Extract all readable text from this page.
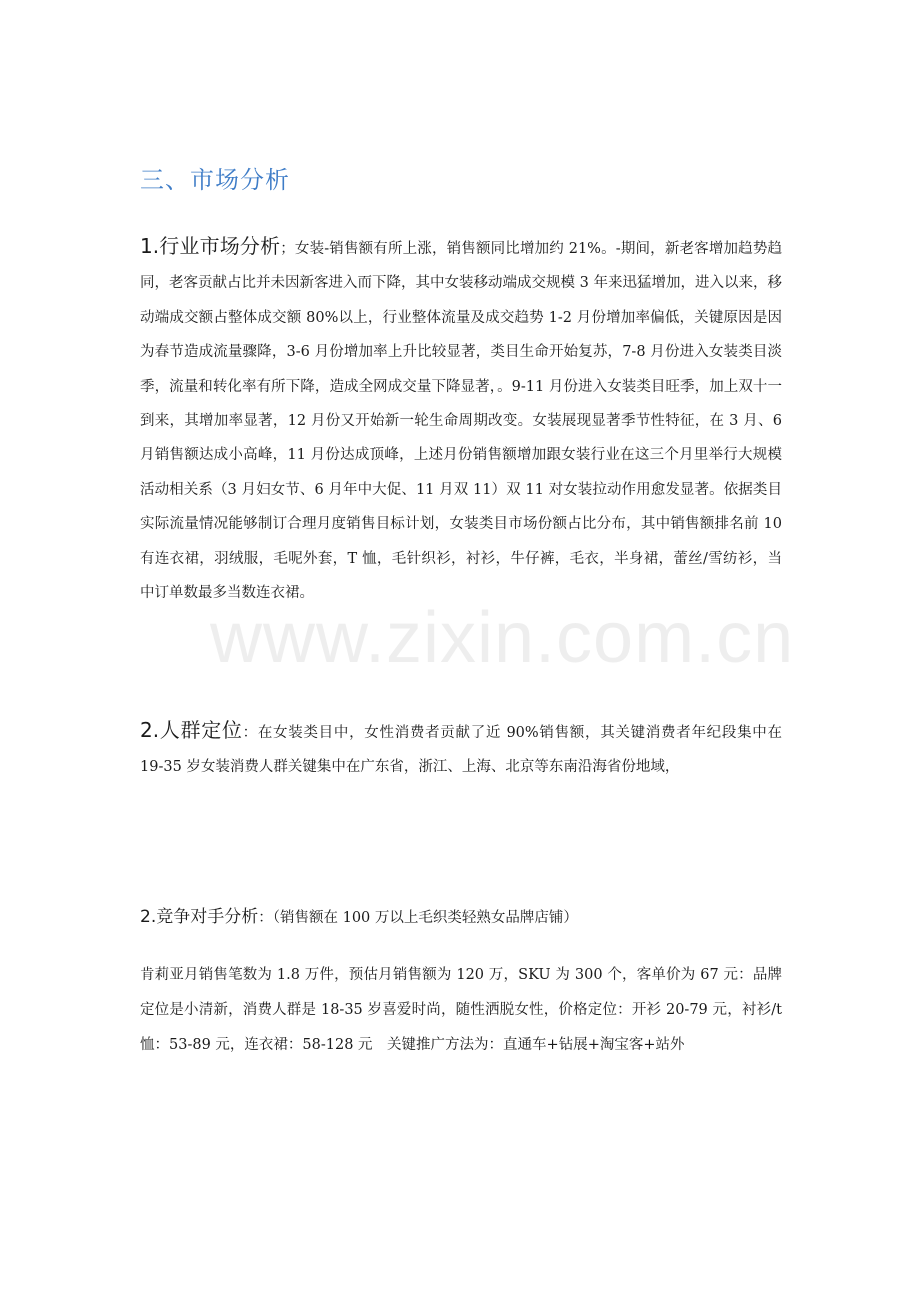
www.zixin.com.cn
三、市场分析

1.行业市场分析；女装-销售额有所上涨，销售额同比增加约 21%。-期间，新老客增加趋势趋同，老客贡献占比并未因新客进入而下降，其中女装移动端成交规模 3 年来迅猛增加，进入以来，移动端成交额占整体成交额 80%以上，行业整体流量及成交趋势 1-2 月份增加率偏低，关键原因是因为春节造成流量骤降，3-6 月份增加率上升比较显著，类目生命开始复苏，7-8 月份进入女装类目淡季，流量和转化率有所下降，造成全网成交量下降显著，。9-11 月份进入女装类目旺季，加上双十一到来，其增加率显著，12 月份又开始新一轮生命周期改变。女装展现显著季节性特征，在 3 月、6 月销售额达成小高峰，11 月份达成顶峰，上述月份销售额增加跟女装行业在这三个月里举行大规模活动相关系（3 月妇女节、6 月年中大促、11 月双 11）双 11 对女装拉动作用愈发显著。依据类目实际流量情况能够制订合理月度销售目标计划，女装类目市场份额占比分布，其中销售额排名前 10 有连衣裙，羽绒服，毛呢外套，T 恤，毛针织衫，衬衫，牛仔裤，毛衣，半身裙，蕾丝/雪纺衫，当中订单数最多当数连衣裙。

2.人群定位：在女装类目中，女性消费者贡献了近 90%销售额，其关键消费者年纪段集中在 19-35 岁女装消费人群关键集中在广东省，浙江、上海、北京等东南沿海省份地域，

2.竞争对手分析：（销售额在 100 万以上毛织类轻熟女品牌店铺）

肯莉亚月销售笔数为 1.8 万件，预估月销售额为 120 万，SKU 为 300 个，客单价为 67 元：品牌定位是小清新，消费人群是 18-35 岁喜爱时尚，随性洒脱女性，价格定位：开衫 20-79 元，衬衫/t 恤：53-89 元，连衣裙：58-128 元　关键推广方法为：直通车+钻展+淘宝客+站外
